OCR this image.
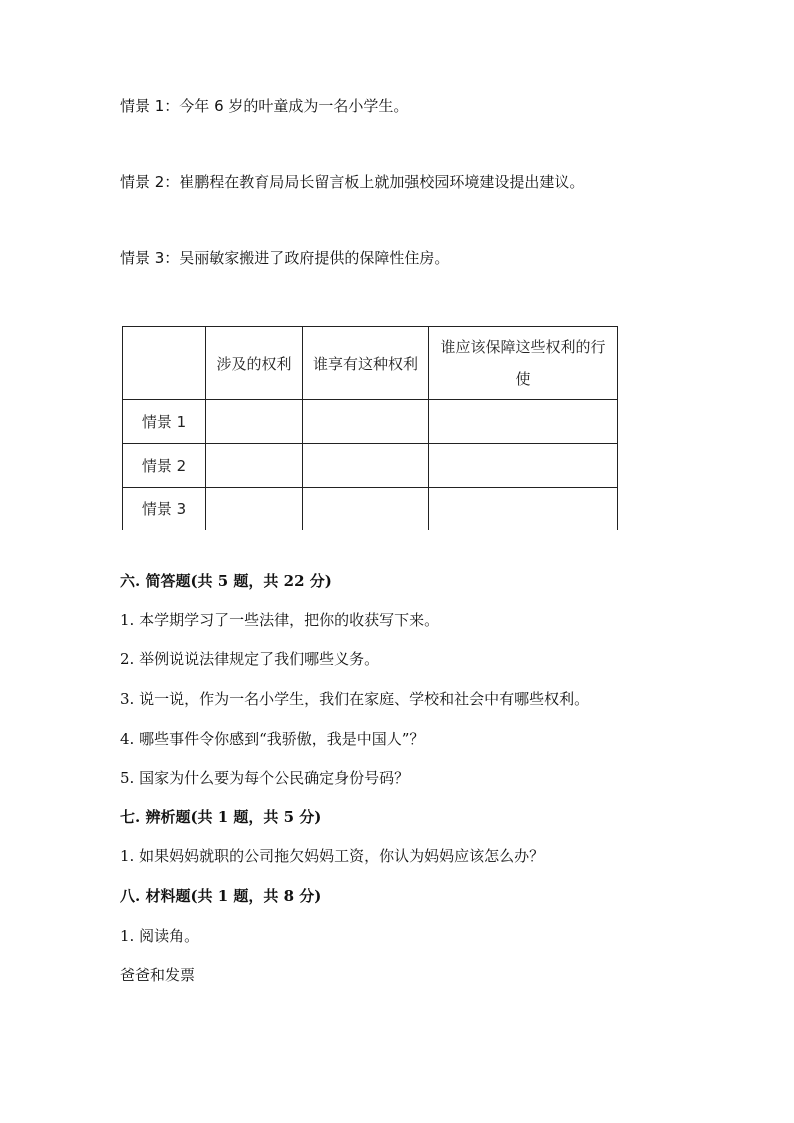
情景 1：今年 6 岁的叶童成为一名小学生。
情景 2：崔鹏程在教育局局长留言板上就加强校园环境建设提出建议。
情景 3：吴丽敏家搬进了政府提供的保障性住房。
	涉及的权利	谁享有这种权利	谁应该保障这些权利的行使
情景 1			
情景 2			
情景 3			
六. 简答题(共 5 题，共 22 分)
1. 本学期学习了一些法律，把你的收获写下来。
2. 举例说说法律规定了我们哪些义务。
3. 说一说，作为一名小学生，我们在家庭、学校和社会中有哪些权利。
4. 哪些事件令你感到“我骄傲，我是中国人”？
5. 国家为什么要为每个公民确定身份号码？
七. 辨析题(共 1 题，共 5 分)
1. 如果妈妈就职的公司拖欠妈妈工资，你认为妈妈应该怎么办？
八. 材料题(共 1 题，共 8 分)
1. 阅读角。
爸爸和发票
